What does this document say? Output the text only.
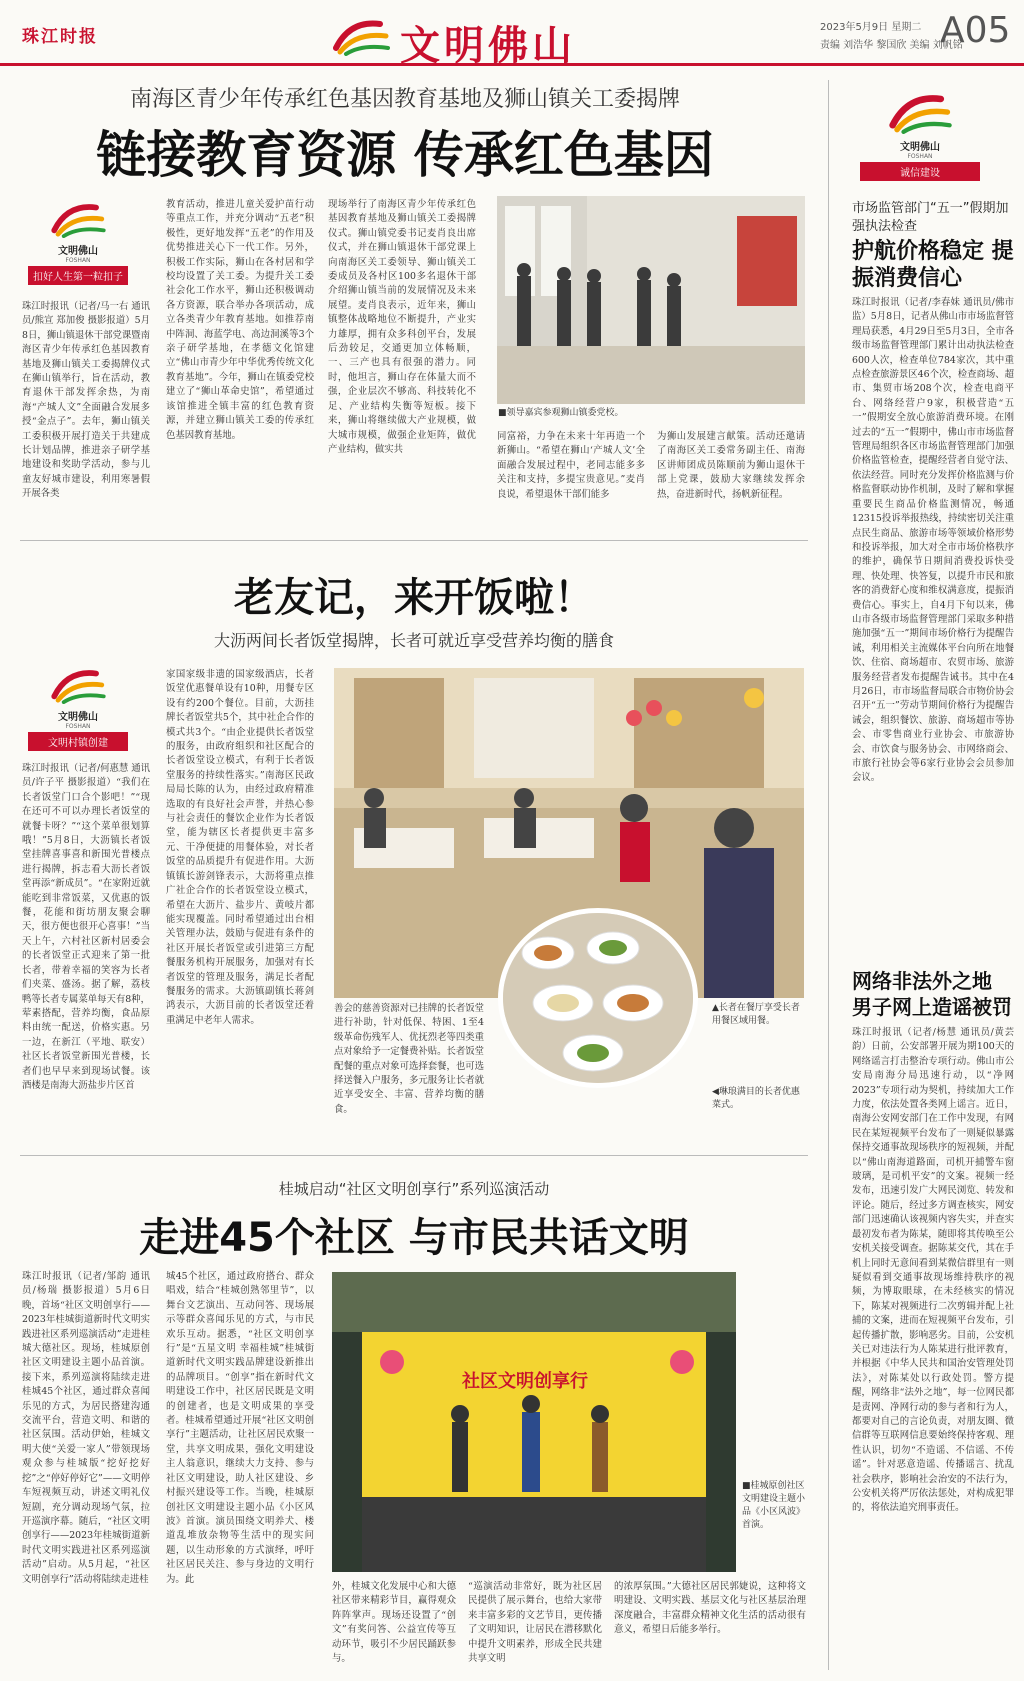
珠江时报	文明佛山	2023年5月9日 星期二
责编 刘浩华 黎国欣 美编 刘帆铭
A05
南海区青少年传承红色基因教育基地及狮山镇关工委揭牌
链接教育资源 传承红色基因
文明佛山
FOSHAN
扣好人生第一粒扣子
珠江时报讯（记者/马一右 通讯员/熊宣 郑加俊 摄影报道）5月8日，狮山镇退休干部党课暨南海区青少年传承红色基因教育基地及狮山镇关工委揭牌仪式在狮山镇举行，旨在活动，教育退休干部发挥余热，为南海“产城人文”全面融合发展多授“金点子”。去年，狮山镇关工委积极开展打造关于共建成长计划品牌，推进亲子研学基地建设和奖助学活动，参与儿童友好城市建设，利用寒暑假开展各类
教育活动，推进儿童关爱护苗行动等重点工作，并充分调动“五老”积极性，更好地发挥“五老”的作用及优势推进关心下一代工作。另外，积极工作实际，狮山在各村居和学校均设置了关工委。为提升关工委社会化工作水平，狮山还积极调动各方资源，联合举办各项活动，成立各类青少年教育基地。如推荐南中阵洞、海蓝学电、高边洞溪等3个亲子研学基地，在孝德文化馆建立“佛山市青少年中华优秀传统文化教育基地”。今年，狮山在镇委党校建立了“狮山革命史馆”，希望通过该馆推进全镇丰富的红色教育资源，并建立狮山镇关工委的传承红色基因教育基地。
现场举行了南海区青少年传承红色基因教育基地及狮山镇关工委揭牌仪式。狮山镇党委书记麦肖良出席仪式，并在狮山镇退休干部党课上向南海区关工委领导、狮山镇关工委成员及各村区100多名退休干部介绍狮山镇当前的发展情况及未来展望。麦肖良表示，近年来，狮山镇整体战略地位不断提升，产业实力雄厚，拥有众多科创平台，发展后劲较足，交通更加立体畅顺，一、三产也具有很强的潜力。同时，他坦言，狮山存在体量大而不强，企业层次不够高、科技转化不足、产业结构失衡等短板。接下来，狮山将继续做大产业规模，做大城市规模，做强企业矩阵，做优产业结构，做实共
■领导嘉宾参观狮山镇委党校。
同富裕，力争在未来十年再造一个新狮山。“希望在狮山‘产城人文’全面融合发展过程中，老同志能多多关注和支持，多提宝贵意见。”麦肖良说，希望退休干部们能多
为狮山发展建言献策。活动还邀请了南海区关工委常务副主任、南海区讲师团成员陈顺前为狮山退休干部上党课，鼓励大家继续发挥余热，奋进新时代，扬帆新征程。
老友记，来开饭啦！
大沥两间长者饭堂揭牌，长者可就近享受营养均衡的膳食
文明佛山
FOSHAN
文明村镇创建
珠江时报讯（记者/何惠慧 通讯员/许子平 摄影报道）“我们在长者饭堂门口合个影吧！”“现在还可不可以办理长者饭堂的就餐卡呀？”“这个菜单很划算哦！”5月8日，大沥镇长者饭堂挂牌喜事喜和新围光普楼点进行揭牌，拆志看大沥长者饭堂再添“新成员”。“在家附近就能吃到非常饭菜，又优惠的饭餐，花能和街坊朋友聚会聊天，很方便也很开心喜事！”当天上午，六村社区新村居委会的长者饭堂正式迎来了第一批长者，带着幸福的笑容为长者们夹菜、盛汤。据了解，荔枝鸭等长者专属菜单每天有8种，荤素搭配，营养均衡，食品原料由统一配送，价格实惠。另一边，在新江（平地、联安）社区长者饭堂新围光普楼，长者们也早早来到现场试餐。该酒楼是南海大沥盐步片区首
家国家级非遗的国家级酒店，长者饭堂优惠餐单设有10种，用餐专区设有约200个餐位。目前，大沥挂牌长者饭堂共5个，其中社企合作的模式共3个。“由企业提供长者饭堂的服务，由政府组织和社区配合的长者饭堂设立模式，有利于长者饭堂服务的持续性落实。”南海区民政局局长陈的认为，由经过政府精准选取的有良好社会声誉，并热心参与社会责任的餐饮企业作为长者饭堂，能为辖区长者提供更丰富多元、干净便捷的用餐体验，对长者饭堂的品质提升有促进作用。大沥镇镇长游剑锋表示，大沥将重点推广社企合作的长者饭堂设立模式，希望在大沥片、盐步片、黄岐片都能实现覆盖。同时希望通过出台相关管理办法，鼓励与促进有条件的社区开展长者饭堂或引进第三方配餐服务机构开展服务，加强对有长者饭堂的管理及服务，满足长者配餐服务的需求。大沥镇副镇长蒋剑鸿表示，大沥目前的长者饭堂还着重满足中老年人需求。
善会的慈善资源对已挂牌的长者饭堂进行补助，针对低保、特困、1至4级革命伤残军人、优抚烈老等四类重点对象给予一定餐费补贴。长者饭堂配餐的重点对象可选择套餐，也可选择送餐入户服务，多元服务让长者就近享受安全、丰富、营养均衡的膳食。
▲长者在餐厅享受长者用餐区域用餐。
◀琳琅满目的长者优惠菜式。
桂城启动“社区文明创享行”系列巡演活动
走进45个社区 与市民共话文明
珠江时报讯（记者/邹韵 通讯员/杨瑞 摄影报道）5月6日晚，首场“社区文明创享行——2023年桂城街道新时代文明实践进社区系列巡演活动”走进桂城大德社区。现场，桂城原创社区文明建设主题小品首演。接下来，系列巡演将陆续走进桂城45个社区，通过群众喜闻乐见的方式，为居民搭建沟通交流平台，营造文明、和谐的社区氛围。活动伊始，桂城文明大使“关爱一家人”带领现场观众参与桂城版“挖好挖好挖”之“停好停好它”——文明停车短视频互动，讲述文明礼仪短剧，充分调动现场气氛，拉开巡演序幕。随后，“社区文明创享行——2023年桂城街道新时代文明实践进社区系列巡演活动”启动。从5月起，“社区文明创享行”活动将陆续走进桂
城45个社区，通过政府搭台、群众唱戏，结合“桂城创熟邻里节”，以舞台文艺演出、互动问答、现场展示等群众喜闻乐见的方式，与市民欢乐互动。据悉，“社区文明创享行”是“五星文明 幸福桂城”桂城街道新时代文明实践品牌建设新推出的品牌项目。“创享”指在新时代文明建设工作中，社区居民既是文明的创建者，也是文明成果的享受者。桂城希望通过开展“社区文明创享行”主题活动，让社区居民欢聚一堂，共享文明成果，强化文明建设主人翁意识，继续大力支持、参与社区文明建设，助人社区建设、乡村振兴建设等工作。当晚，桂城原创社区文明建设主题小品《小区风波》首演。演员围绕文明养犬、楼道乱堆放杂物等生活中的现实问题，以生动形象的方式演绎，呼吁社区居民关注、参与身边的文明行为。此
社区文明创享行
■桂城原创社区文明建设主题小品《小区风波》首演。
外，桂城文化发展中心和大德社区带来精彩节目，赢得观众阵阵掌声。现场还设置了“创文”有奖问答、公益宣传等互动环节，吸引不少居民踊跃参与。
“巡演活动非常好，既为社区居民提供了展示舞台，也给大家带来丰富多彩的文艺节目，更传播了文明知识，让居民在潜移默化中提升文明素养，形成全民共建共享文明
的浓厚氛围。”大德社区居民郭婕说，这种将文明建设、文明实践、基层文化与社区基层治理深度融合，丰富群众精神文化生活的活动很有意义，希望日后能多举行。
文明佛山
FOSHAN
诚信建设
市场监管部门“五一”假期加强执法检查
护航价格稳定 提振消费信心
珠江时报讯（记者/李春妹 通讯员/佛市监）5月8日，记者从佛山市市场监督管理局获悉，4月29日至5月3日，全市各级市场监督管理部门累计出动执法检查600人次，检查单位784家次，其中重点检查旅游景区46个次，检查商场、超市、集贸市场208个次，检查电商平台、网络经营户9家，积极营造“五一”假期安全放心旅游消费环境。在刚过去的“五一”假期中，佛山市市场监督管理局组织各区市场监督管理部门加强价格监管检查，提醒经营者自觉守法、依法经营。同时充分发挥价格监测与价格监督联动协作机制，及时了解和掌握重要民生商品价格监测情况，畅通12315投诉举报热线，持续密切关注重点民生商品、旅游市场等领域价格形势和投诉举报，加大对全市市场价格秩序的维护，确保节日期间消费投诉快受理、快处理、快答复，以提升市民和旅客的消费舒心度和维权满意度，提振消费信心。事实上，自4月下旬以来，佛山市各级市场监督管理部门采取多种措施加强“五一”期间市场价格行为提醒告诫，利用相关主流媒体平台向所在地餐饮、住宿、商场超市、农贸市场、旅游服务经营者发布提醒告诫书。其中在4月26日，市市场监督局联合市物价协会召开“五一”劳动节期间价格行为提醒告诫会，组织餐饮、旅游、商场超市等协会、市零售商业行业协会、市旅游协会、市饮食与服务协会、市网络商会、市旅行社协会等6家行业协会会员参加会议。
网络非法外之地 男子网上造谣被罚
珠江时报讯（记者/杨慧 通讯员/黄芸韵）日前，公安部署开展为期100天的网络谣言打击整治专项行动。佛山市公安局南海分局迅速行动，以“净网2023”专项行动为契机，持续加大工作力度，依法处置各类网上谣言。近日，南海公安网安部门在工作中发现，有网民在某短视频平台发布了一则疑似暴露保持交通事故现场秩序的短视频，并配以“佛山南海道路面，司机开捕警车窗玻璃，是司机平安”的文案。视频一经发布，迅速引发广大网民浏览、转发和评论。随后，经过多方调查核实，网安部门迅速确认该视频内容失实，并查实最初发布者为陈某，随即将其传唤至公安机关接受调查。据陈某交代，其在手机上同时无意间看到某微信群里有一则疑似看到交通事故现场维持秩序的视频，为博取眼球，在未经核实的情况下，陈某对视频进行二次剪辑并配上社捕的文案，进而在短视频平台发布，引起传播扩散，影响恶劣。目前，公安机关已对违法行为人陈某进行批评教育，并根据《中华人民共和国治安管理处罚法》，对陈某处以行政处罚。警方提醒，网络非“法外之地”，每一位网民都是责网、净网行动的参与者和行为人，都要对自己的言论负责，对朋友圈、微信群等互联网信息要始终保持客观、理性认识，切勿“不造谣、不信谣、不传谣”。针对恶意造谣、传播谣言、扰乱社会秩序，影响社会治安的不法行为，公安机关将严厉依法惩处，对构成犯罪的，将依法追究刑事责任。
